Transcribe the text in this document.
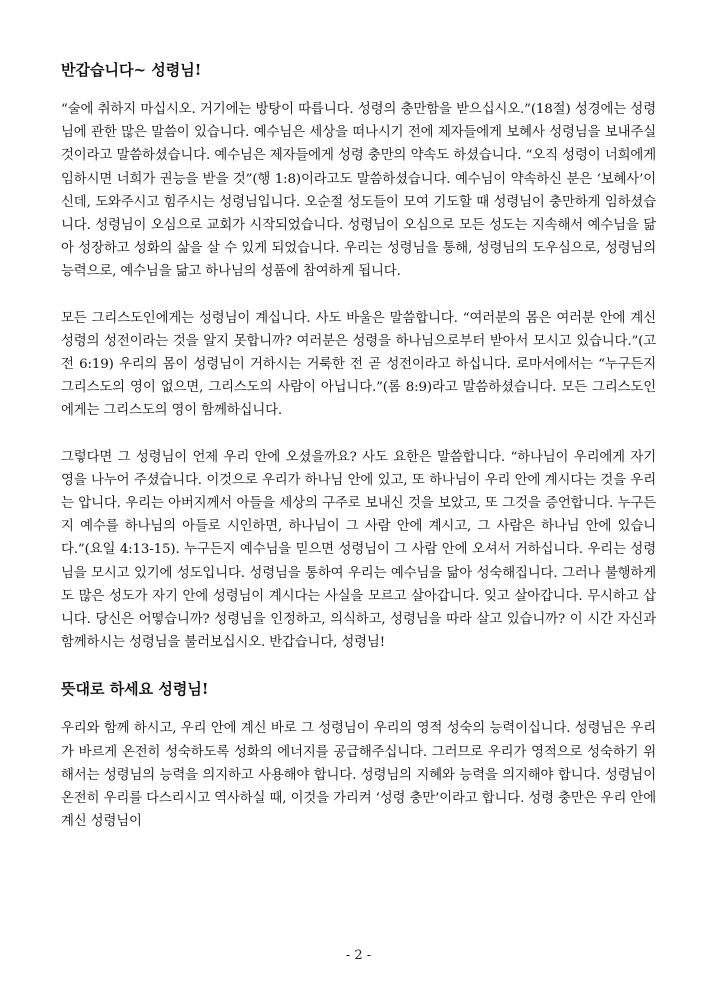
반갑습니다~ 성령님!

“술에 취하지 마십시오. 거기에는 방탕이 따릅니다. 성령의 충만함을 받으십시오.”(18절) 성경에는 성령님에 관한 많은 말씀이 있습니다. 예수님은 세상을 떠나시기 전에 제자들에게 보혜사 성령님을 보내주실 것이라고 말씀하셨습니다. 예수님은 제자들에게 성령 충만의 약속도 하셨습니다. “오직 성령이 너희에게 임하시면 너희가 권능을 받을 것”(행 1:8)이라고도 말씀하셨습니다. 예수님이 약속하신 분은 ‘보혜사’이신데, 도와주시고 힘주시는 성령님입니다. 오순절 성도들이 모여 기도할 때 성령님이 충만하게 임하셨습니다. 성령님이 오심으로 교회가 시작되었습니다. 성령님이 오심으로 모든 성도는 지속해서 예수님을 닮아 성장하고 성화의 삶을 살 수 있게 되었습니다. 우리는 성령님을 통해, 성령님의 도우심으로, 성령님의 능력으로, 예수님을 닮고 하나님의 성품에 참여하게 됩니다.

모든 그리스도인에게는 성령님이 계십니다. 사도 바울은 말씀합니다. “여러분의 몸은 여러분 안에 계신 성령의 성전이라는 것을 알지 못합니까? 여러분은 성령을 하나님으로부터 받아서 모시고 있습니다.”(고전 6:19) 우리의 몸이 성령님이 거하시는 거룩한 전 곧 성전이라고 하십니다. 로마서에서는 “누구든지 그리스도의 영이 없으면, 그리스도의 사람이 아닙니다.”(롬 8:9)라고 말씀하셨습니다. 모든 그리스도인에게는 그리스도의 영이 함께하십니다.

그렇다면 그 성령님이 언제 우리 안에 오셨을까요? 사도 요한은 말씀합니다. “하나님이 우리에게 자기 영을 나누어 주셨습니다. 이것으로 우리가 하나님 안에 있고, 또 하나님이 우리 안에 계시다는 것을 우리는 압니다. 우리는 아버지께서 아들을 세상의 구주로 보내신 것을 보았고, 또 그것을 증언합니다. 누구든지 예수를 하나님의 아들로 시인하면, 하나님이 그 사람 안에 계시고, 그 사람은 하나님 안에 있습니다.”(요일 4:13-15). 누구든지 예수님을 믿으면 성령님이 그 사람 안에 오셔서 거하십니다. 우리는 성령님을 모시고 있기에 성도입니다. 성령님을 통하여 우리는 예수님을 닮아 성숙해집니다. 그러나 불행하게도 많은 성도가 자기 안에 성령님이 계시다는 사실을 모르고 살아갑니다. 잊고 살아갑니다. 무시하고 삽니다. 당신은 어떻습니까? 성령님을 인정하고, 의식하고, 성령님을 따라 살고 있습니까? 이 시간 자신과 함께하시는 성령님을 불러보십시오. 반갑습니다, 성령님!

뜻대로 하세요 성령님!

우리와 함께 하시고, 우리 안에 계신 바로 그 성령님이 우리의 영적 성숙의 능력이십니다. 성령님은 우리가 바르게 온전히 성숙하도록 성화의 에너지를 공급해주십니다. 그러므로 우리가 영적으로 성숙하기 위해서는 성령님의 능력을 의지하고 사용해야 합니다. 성령님의 지혜와 능력을 의지해야 합니다. 성령님이 온전히 우리를 다스리시고 역사하실 때, 이것을 가리켜 ‘성령 충만’이라고 합니다. 성령 충만은 우리 안에 계신 성령님이

- 2 -
